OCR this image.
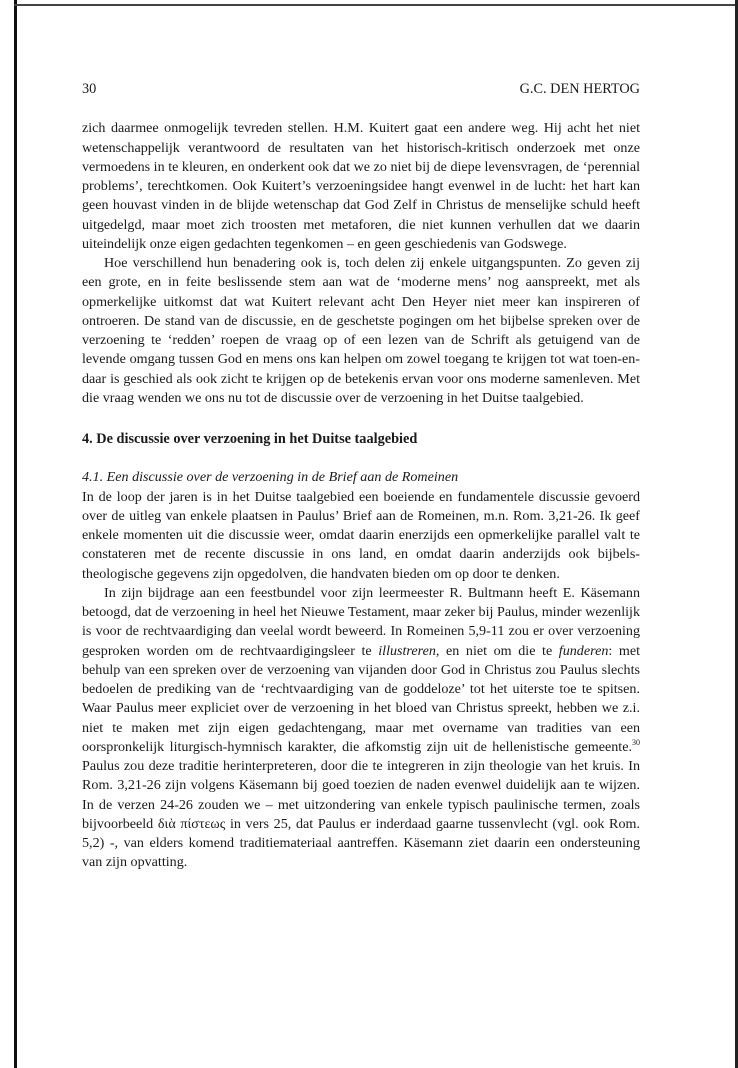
30	G.C. DEN HERTOG

zich daarmee onmogelijk tevreden stellen. H.M. Kuitert gaat een andere weg. Hij acht het niet wetenschappelijk verantwoord de resultaten van het historisch-kritisch onderzoek met onze vermoedens in te kleuren, en onderkent ook dat we zo niet bij de diepe levensvragen, de ‘perennial problems’, terechtkomen. Ook Kuitert’s verzoeningsidee hangt evenwel in de lucht: het hart kan geen houvast vinden in de blijde wetenschap dat God Zelf in Christus de menselijke schuld heeft uitgedelgd, maar moet zich troosten met metaforen, die niet kunnen verhullen dat we daarin uiteindelijk onze eigen gedachten tegenkomen – en geen geschiedenis van Godswege.

Hoe verschillend hun benadering ook is, toch delen zij enkele uitgangspunten. Zo geven zij een grote, en in feite beslissende stem aan wat de ‘moderne mens’ nog aanspreekt, met als opmerkelijke uitkomst dat wat Kuitert relevant acht Den Heyer niet meer kan inspireren of ontroeren. De stand van de discussie, en de geschetste pogingen om het bijbelse spreken over de verzoening te ‘redden’ roepen de vraag op of een lezen van de Schrift als getuigend van de levende omgang tussen God en mens ons kan helpen om zowel toegang te krijgen tot wat toen-en-daar is geschied als ook zicht te krijgen op de betekenis ervan voor ons moderne samenleven. Met die vraag wenden we ons nu tot de discussie over de verzoening in het Duitse taalgebied.

4. De discussie over verzoening in het Duitse taalgebied
4.1. Een discussie over de verzoening in de Brief aan de Romeinen

In de loop der jaren is in het Duitse taalgebied een boeiende en fundamentele discussie gevoerd over de uitleg van enkele plaatsen in Paulus’ Brief aan de Romeinen, m.n. Rom. 3,21-26. Ik geef enkele momenten uit die discussie weer, omdat daarin enerzijds een opmerkelijke parallel valt te constateren met de recente discussie in ons land, en omdat daarin anderzijds ook bijbels-theologische gegevens zijn opgedolven, die handvaten bieden om op door te denken.

In zijn bijdrage aan een feestbundel voor zijn leermeester R. Bultmann heeft E. Käsemann betoogd, dat de verzoening in heel het Nieuwe Testament, maar zeker bij Paulus, minder wezenlijk is voor de rechtvaardiging dan veelal wordt beweerd. In Romeinen 5,9-11 zou er over verzoening gesproken worden om de rechtvaardigingsleer te illustreren, en niet om die te funderen: met behulp van een spreken over de verzoening van vijanden door God in Christus zou Paulus slechts bedoelen de prediking van de ‘rechtvaardiging van de goddeloze’ tot het uiterste toe te spitsen. Waar Paulus meer expliciet over de verzoening in het bloed van Christus spreekt, hebben we z.i. niet te maken met zijn eigen gedachtengang, maar met overname van tradities van een oorspronkelijk liturgisch-hymnisch karakter, die afkomstig zijn uit de hellenistische gemeente.$^{30}$ Paulus zou deze traditie herinterpreteren, door die te integreren in zijn theologie van het kruis. In Rom. 3,21-26 zijn volgens Käsemann bij goed toezien de naden evenwel duidelijk aan te wijzen. In de verzen 24-26 zouden we – met uitzondering van enkele typisch paulinische termen, zoals bijvoorbeeld διὰ πίστεως in vers 25, dat Paulus er inderdaad gaarne tussenvlecht (vgl. ook Rom. 5,2) -, van elders komend traditiemateriaal aantreffen. Käsemann ziet daarin een ondersteuning van zijn opvatting.
